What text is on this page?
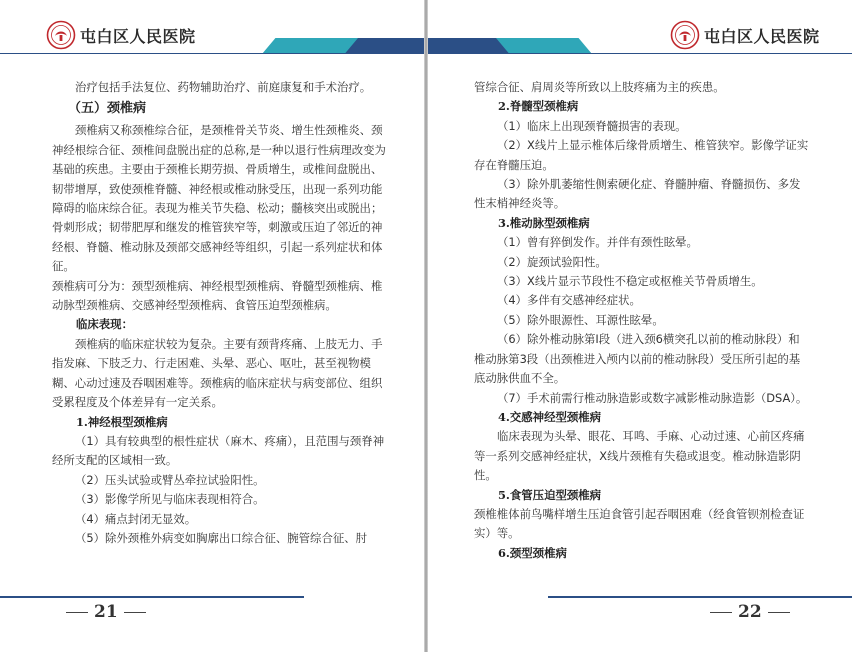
屯白区人民医院

治疗包括手法复位、药物辅助治疗、前庭康复和手术治疗。

（五）颈椎病

颈椎病又称颈椎综合征，是颈椎骨关节炎、增生性颈椎炎、颈神经根综合征、颈椎间盘脱出症的总称,是一种以退行性病理改变为基础的疾患。主要由于颈椎长期劳损、骨质增生，或椎间盘脱出、韧带增厚，致使颈椎脊髓、神经根或椎动脉受压，出现一系列功能障碍的临床综合征。表现为椎关节失稳、松动；髓核突出或脱出；骨刺形成；韧带肥厚和继发的椎管狭窄等，刺激或压迫了邻近的神经根、脊髓、椎动脉及颈部交感神经等组织，引起一系列症状和体征。

颈椎病可分为：颈型颈椎病、神经根型颈椎病、脊髓型颈椎病、椎动脉型颈椎病、交感神经型颈椎病、食管压迫型颈椎病。

临床表现：

颈椎病的临床症状较为复杂。主要有颈背疼痛、上肢无力、手指发麻、下肢乏力、行走困难、头晕、恶心、呕吐，甚至视物模糊、心动过速及吞咽困难等。颈椎病的临床症状与病变部位、组织受累程度及个体差异有一定关系。

1.神经根型颈椎病

（1）具有较典型的根性症状（麻木、疼痛），且范围与颈脊神经所支配的区域相一致。

（2）压头试验或臂丛牵拉试验阳性。

（3）影像学所见与临床表现相符合。

（4）痛点封闭无显效。

（5）除外颈椎外病变如胸廓出口综合征、腕管综合征、肘

21
屯白区人民医院

管综合征、肩周炎等所致以上肢疼痛为主的疾患。

2.脊髓型颈椎病

（1）临床上出现颈脊髓损害的表现。

（2）X线片上显示椎体后缘骨质增生、椎管狭窄。影像学证实存在脊髓压迫。

（3）除外肌萎缩性侧索硬化症、脊髓肿瘤、脊髓损伤、多发性末梢神经炎等。

3.椎动脉型颈椎病

（1）曾有猝倒发作。并伴有颈性眩晕。

（2）旋颈试验阳性。

（3）X线片显示节段性不稳定或枢椎关节骨质增生。

（4）多伴有交感神经症状。

（5）除外眼源性、耳源性眩晕。

（6）除外椎动脉第Ⅰ段（进入颈6横突孔以前的椎动脉段）和椎动脉第3段（出颈椎进入颅内以前的椎动脉段）受压所引起的基底动脉供血不全。

（7）手术前需行椎动脉造影或数字减影椎动脉造影（DSA）。

4.交感神经型颈椎病

临床表现为头晕、眼花、耳鸣、手麻、心动过速、心前区疼痛等一系列交感神经症状，X线片颈椎有失稳或退变。椎动脉造影阴性。

5.食管压迫型颈椎病

颈椎椎体前鸟嘴样增生压迫食管引起吞咽困难（经食管钡剂检查证实）等。

6.颈型颈椎病

22
